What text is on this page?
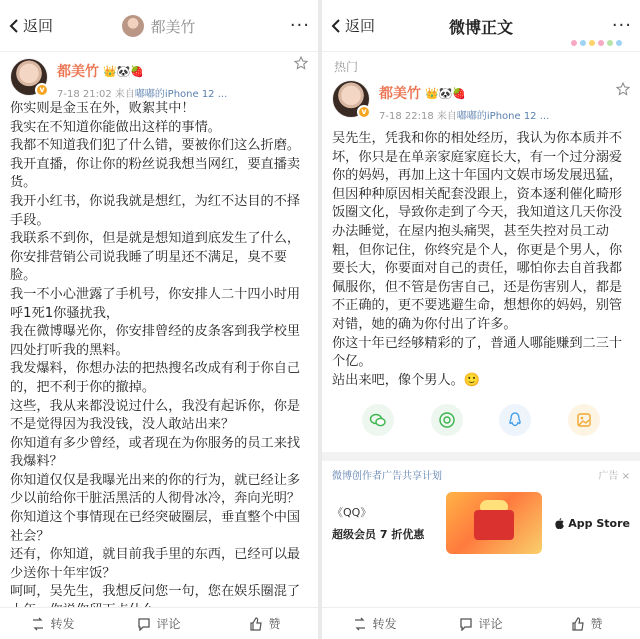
返回	都美竹	···
v
都美竹 👑🐼🍓
7-18 21:02 来自嘟嘟的iPhone 12 ...

你实则是金玉在外，败絮其中！

我实在不知道你能做出这样的事情。

我都不知道我们犯了什么错，要被你们这么折磨。

我开直播，你让你的粉丝说我想当网红，要直播卖货。

我开小红书，你说我就是想红，为红不达目的不择手段。

我联系不到你，但是就是想知道到底发生了什么，你安排营销公司说我睡了明星还不满足，臭不要脸。

我一不小心泄露了手机号，你安排人二十四小时用呼1死1你骚扰我，

我在微博曝光你，你安排曾经的皮条客到我学校里四处打听我的黑料。

我发爆料，你想办法的把热搜名改成有利于你自己的，把不利于你的撤掉。

这些，我从来都没说过什么，我没有起诉你，你是不是觉得因为我没钱，没人敢站出来？

你知道有多少曾经，或者现在为你服务的员工来找我爆料？

你知道仅仅是我曝光出来的你的行为，就已经让多少以前给你干脏活黑活的人彻骨冰冷，奔向光明？

你知道这个事情现在已经突破圈层，垂直整个中国社会？

还有，你知道，就目前我手里的东西，已经可以最少送你十年牢饭？

呵呵，吴先生，我想反问您一句，您在娱乐圈混了

转发	评论	赞
返回	微博正文	···
热门
v
都美竹 👑🐼🍓
7-18 22:18 来自嘟嘟的iPhone 12 ...

吴先生，凭我和你的相处经历，我认为你本质并不坏，你只是在单亲家庭家庭长大，有一个过分溺爱你的妈妈，再加上这十年国内文娱市场发展迅猛，但因种种原因相关配套没跟上，资本逐利催化畸形饭圈文化，导致你走到了今天，我知道这几天你没办法睡觉，在屋内抱头痛哭，甚至失控对员工动粗，但你记住，你终究是个人，你更是个男人，你要长大，你要面对自己的责任，哪怕你去自首我都佩服你，但不管是伤害自己，还是伤害别人，都是不正确的，更不要逃避生命，想想你的妈妈，别管对错，她的确为你付出了许多。

你这十年已经够精彩的了，普通人哪能赚到二三十个亿。

站出来吧，像个男人。🙂

微博创作者广告共享计划	广告 ×
《QQ》
超级会员 7 折优惠
App Store
转发	评论	赞
